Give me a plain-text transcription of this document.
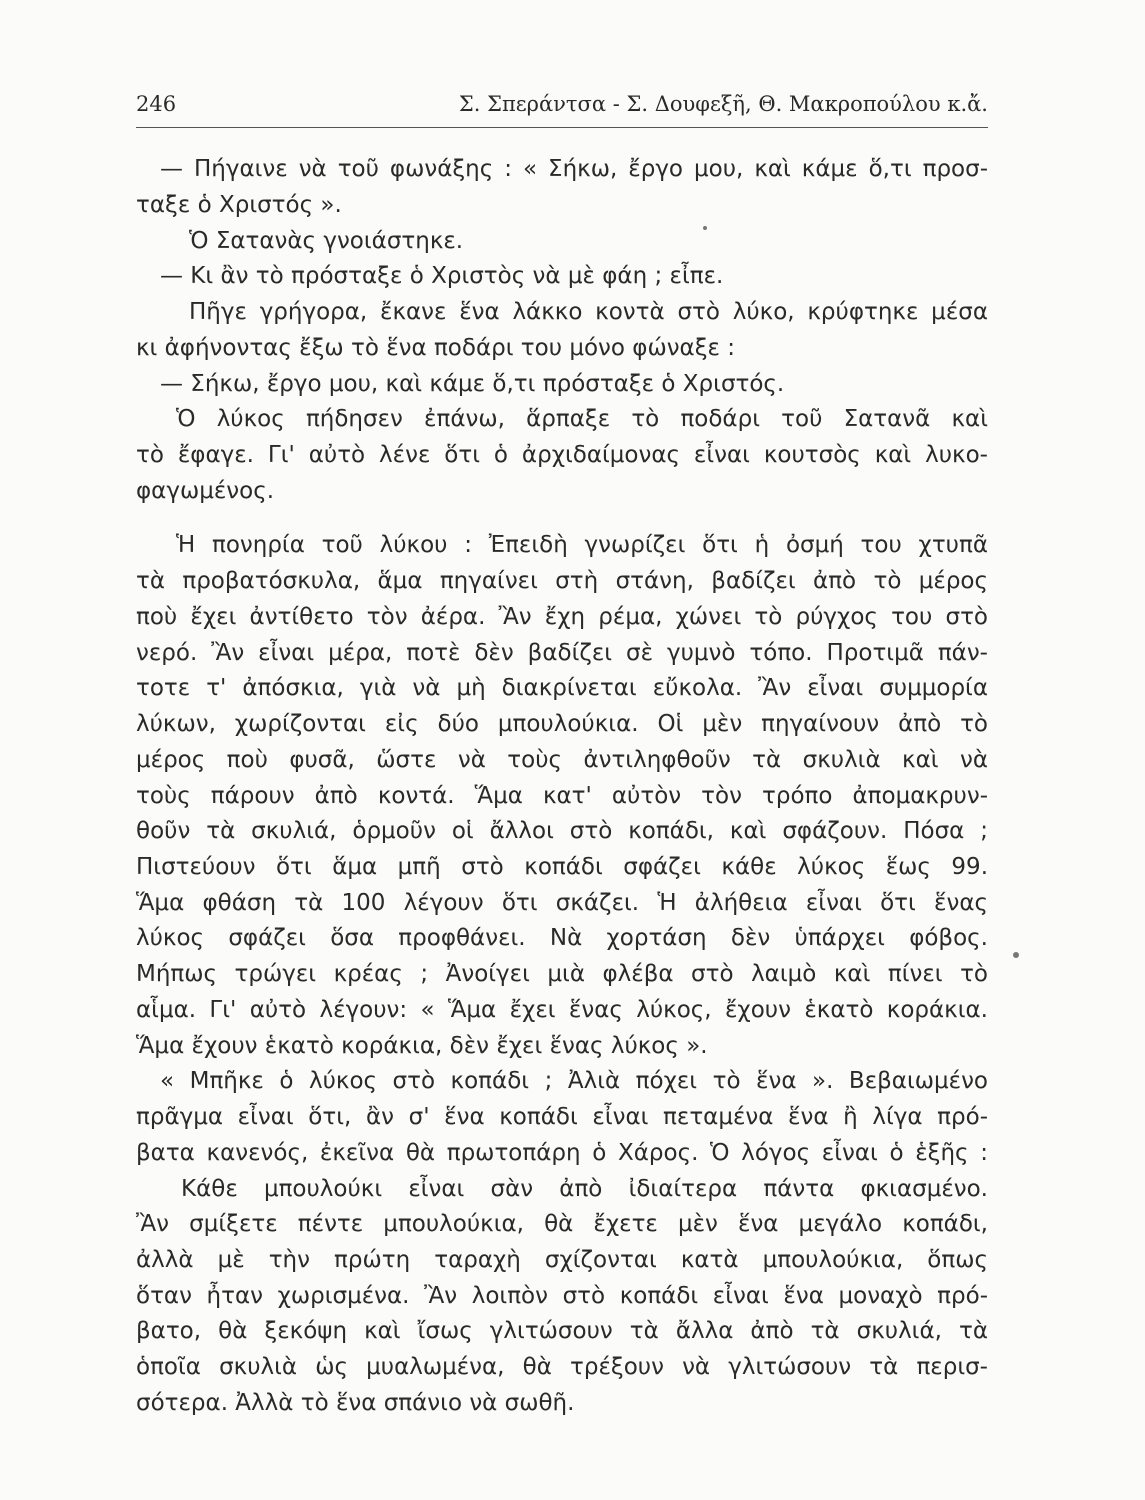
246	Σ. Σπεράντσα - Σ. Δουφεξῆ, Θ. Μακροπούλου κ.ἄ.
— Πήγαινε νὰ τοῦ φωνάξης : « Σήκω, ἔργο μου, καὶ κάμε ὅ,τι προσ-
ταξε ὁ Χριστός ».
Ὁ Σατανὰς γνοιάστηκε.
— Κι ἂν τὸ πρόσταξε ὁ Χριστὸς νὰ μὲ φάη ; εἶπε.
Πῆγε γρήγορα, ἔκανε ἕνα λάκκο κοντὰ στὸ λύκο, κρύφτηκε μέσα
κι ἀφήνοντας ἔξω τὸ ἕνα ποδάρι του μόνο φώναξε :
— Σήκω, ἔργο μου, καὶ κάμε ὅ,τι πρόσταξε ὁ Χριστός.
Ὁ λύκος πήδησεν ἐπάνω, ἅρπαξε τὸ ποδάρι τοῦ Σατανᾶ καὶ
τὸ ἔφαγε. Γι' αὐτὸ λένε ὅτι ὁ ἀρχιδαίμονας εἶναι κουτσὸς καὶ λυκο-
φαγωμένος.
Ἡ πονηρία τοῦ λύκου : Ἐπειδὴ γνωρίζει ὅτι ἡ ὀσμή του χτυπᾶ
τὰ προβατόσκυλα, ἅμα πηγαίνει στὴ στάνη, βαδίζει ἀπὸ τὸ μέρος
ποὺ ἔχει ἀντίθετο τὸν ἀέρα. Ἂν ἔχη ρέμα, χώνει τὸ ρύγχος του στὸ
νερό. Ἂν εἶναι μέρα, ποτὲ δὲν βαδίζει σὲ γυμνὸ τόπο. Προτιμᾶ πάν-
τοτε τ' ἀπόσκια, γιὰ νὰ μὴ διακρίνεται εὔκολα. Ἂν εἶναι συμμορία
λύκων, χωρίζονται εἰς δύο μπουλούκια. Οἱ μὲν πηγαίνουν ἀπὸ τὸ
μέρος ποὺ φυσᾶ, ὥστε νὰ τοὺς ἀντιληφθοῦν τὰ σκυλιὰ καὶ νὰ
τοὺς πάρουν ἀπὸ κοντά. Ἅμα κατ' αὐτὸν τὸν τρόπο ἀπομακρυν-
θοῦν τὰ σκυλιά, ὁρμοῦν οἱ ἄλλοι στὸ κοπάδι, καὶ σφάζουν. Πόσα ;
Πιστεύουν ὅτι ἅμα μπῆ στὸ κοπάδι σφάζει κάθε λύκος ἕως 99.
Ἅμα φθάση τὰ 100 λέγουν ὅτι σκάζει. Ἡ ἀλήθεια εἶναι ὅτι ἕνας
λύκος σφάζει ὅσα προφθάνει. Νὰ χορτάση δὲν ὑπάρχει φόβος.
Μήπως τρώγει κρέας ; Ἀνοίγει μιὰ φλέβα στὸ λαιμὸ καὶ πίνει τὸ
αἷμα. Γι' αὐτὸ λέγουν: « Ἅμα ἔχει ἕνας λύκος, ἔχουν ἑκατὸ κοράκια.
Ἅμα ἔχουν ἑκατὸ κοράκια, δὲν ἔχει ἕνας λύκος ».
« Μπῆκε ὁ λύκος στὸ κοπάδι ; Ἀλιὰ πόχει τὸ ἕνα ». Βεβαιωμένο
πρᾶγμα εἶναι ὅτι, ἂν σ' ἕνα κοπάδι εἶναι πεταμένα ἕνα ἢ λίγα πρό-
βατα κανενός, ἐκεῖνα θὰ πρωτοπάρη ὁ Χάρος. Ὁ λόγος εἶναι ὁ ἑξῆς :
Κάθε μπουλούκι εἶναι σὰν ἀπὸ ἰδιαίτερα πάντα φκιασμένο.
Ἂν σμίξετε πέντε μπουλούκια, θὰ ἔχετε μὲν ἕνα μεγάλο κοπάδι,
ἀλλὰ μὲ τὴν πρώτη ταραχὴ σχίζονται κατὰ μπουλούκια, ὅπως
ὅταν ἦταν χωρισμένα. Ἂν λοιπὸν στὸ κοπάδι εἶναι ἕνα μοναχὸ πρό-
βατο, θὰ ξεκόψη καὶ ἴσως γλιτώσουν τὰ ἄλλα ἀπὸ τὰ σκυλιά, τὰ
ὁποῖα σκυλιὰ ὡς μυαλωμένα, θὰ τρέξουν νὰ γλιτώσουν τὰ περισ-
σότερα. Ἀλλὰ τὸ ἕνα σπάνιο νὰ σωθῆ.
